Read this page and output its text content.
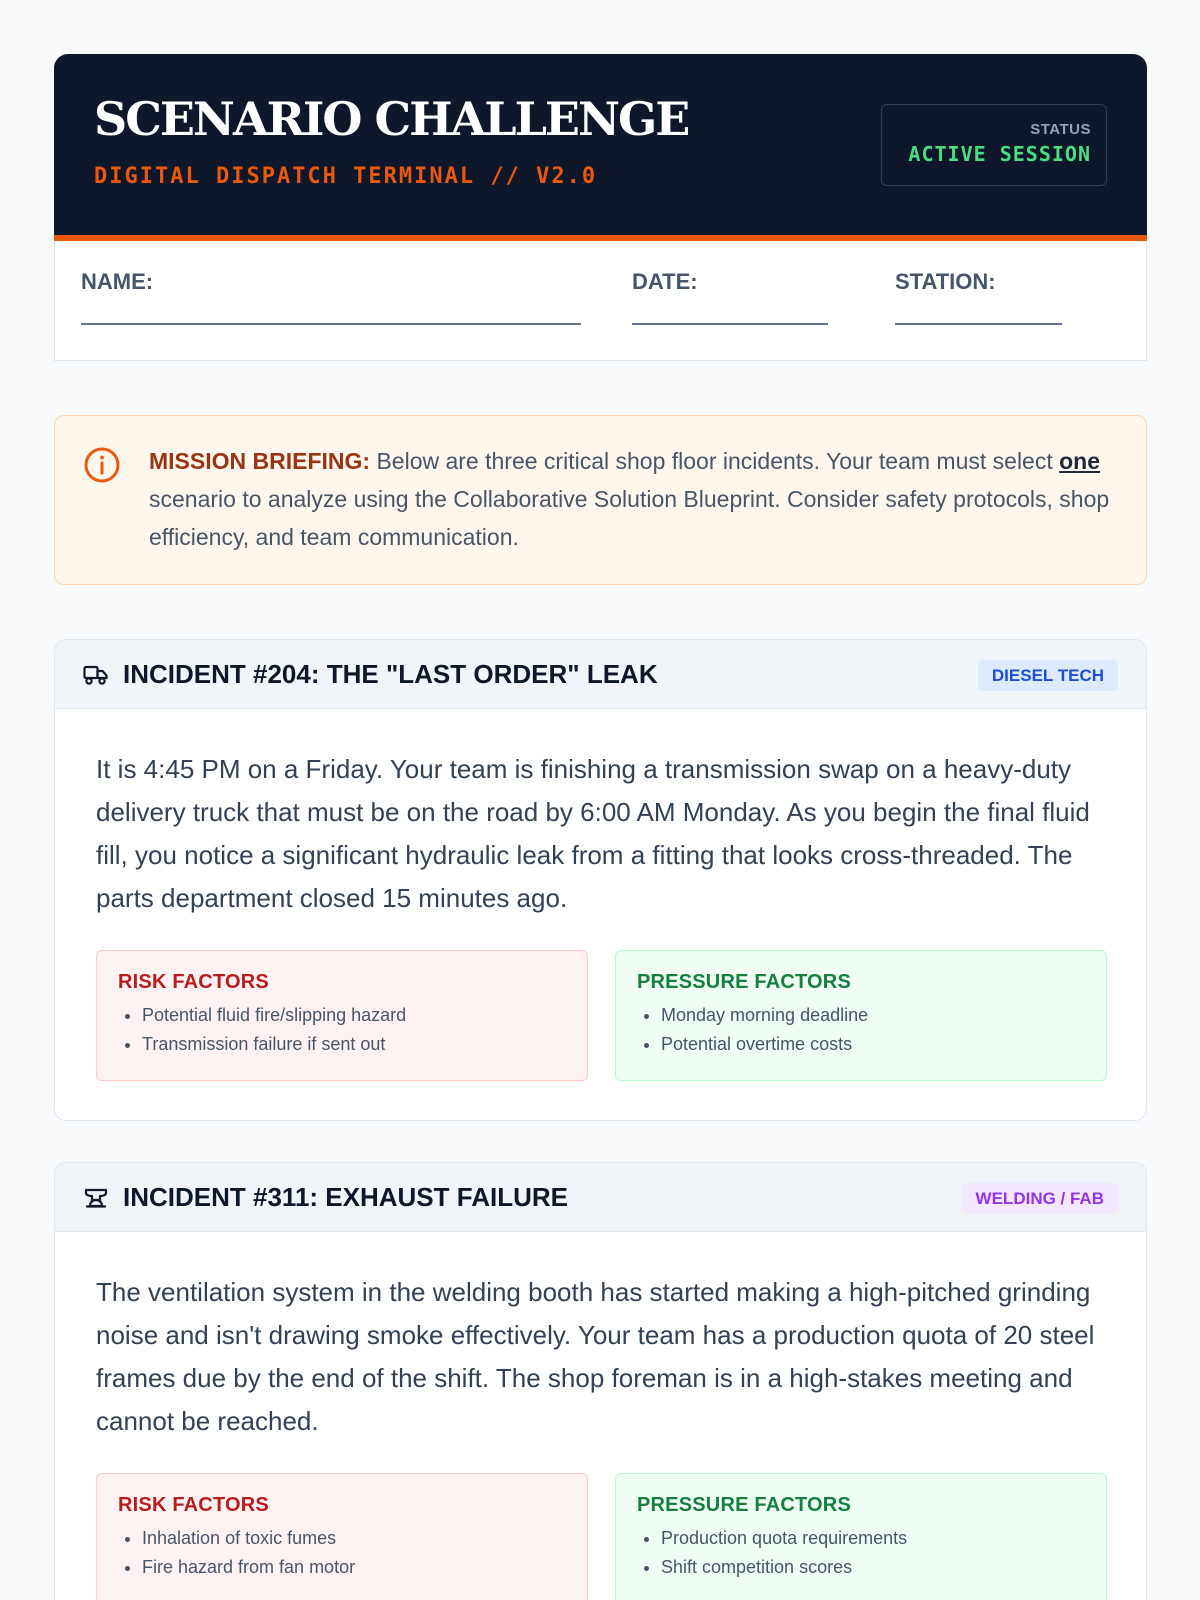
SCENARIO CHALLENGE
DIGITAL DISPATCH TERMINAL // V2.0
STATUS
ACTIVE SESSION
NAME:	DATE:	STATION:
MISSION BRIEFING: Below are three critical shop floor incidents. Your team must select one scenario to analyze using the Collaborative Solution Blueprint. Consider safety protocols, shop efficiency, and team communication.
INCIDENT #204: THE "LAST ORDER" LEAK	DIESEL TECH
It is 4:45 PM on a Friday. Your team is finishing a transmission swap on a heavy-duty delivery truck that must be on the road by 6:00 AM Monday. As you begin the final fluid fill, you notice a significant hydraulic leak from a fitting that looks cross-threaded. The parts department closed 15 minutes ago.
RISK FACTORS
• Potential fluid fire/slipping hazard
• Transmission failure if sent out
PRESSURE FACTORS
• Monday morning deadline
• Potential overtime costs
INCIDENT #311: EXHAUST FAILURE	WELDING / FAB
The ventilation system in the welding booth has started making a high-pitched grinding noise and isn't drawing smoke effectively. Your team has a production quota of 20 steel frames due by the end of the shift. The shop foreman is in a high-stakes meeting and cannot be reached.
RISK FACTORS
• Inhalation of toxic fumes
• Fire hazard from fan motor
PRESSURE FACTORS
• Production quota requirements
• Shift competition scores
